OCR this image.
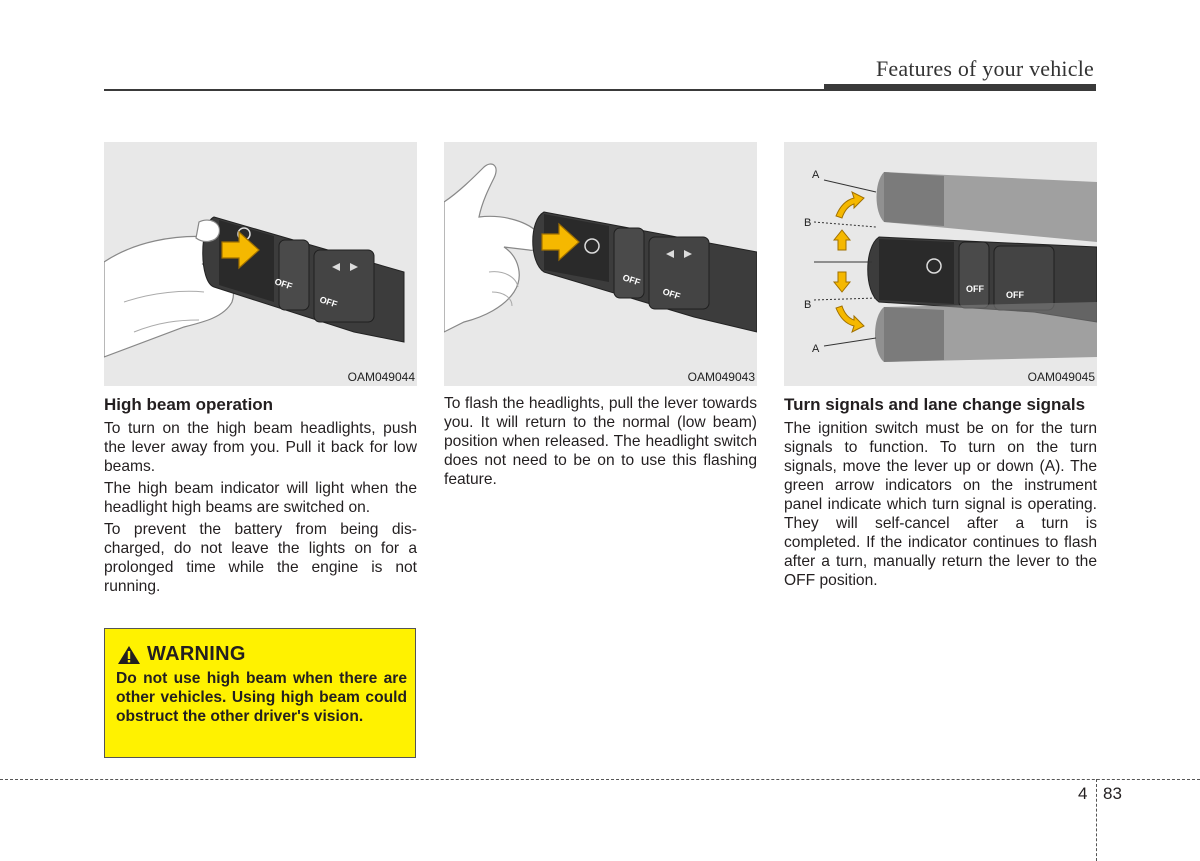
Features of your vehicle
OFF
OFF
OAM049044
High beam operation

To turn on the high beam headlights, push the lever away from you. Pull it back for low beams.

The high beam indicator will light when the headlight high beams are switched on.

To prevent the battery from being discharged, do not leave the lights on for a prolonged time while the engine is not running.

WARNING
Do not use high beam when there are other vehicles. Using high beam could obstruct the other driver's vision.
OFF
OFF
OAM049043

To flash the headlights, pull the lever towards you. It will return to the normal (low beam) position when released. The headlight switch does not need to be on to use this flashing feature.

OFF
OFF
A
B
B
A
OAM049045
Turn signals and lane change signals

The ignition switch must be on for the turn signals to function. To turn on the turn signals, move the lever up or down (A). The green arrow indicators on the instrument panel indicate which turn signal is operating. They will self-cancel after a turn is completed. If the indicator continues to flash after a turn, manually return the lever to the OFF position.

4 83
